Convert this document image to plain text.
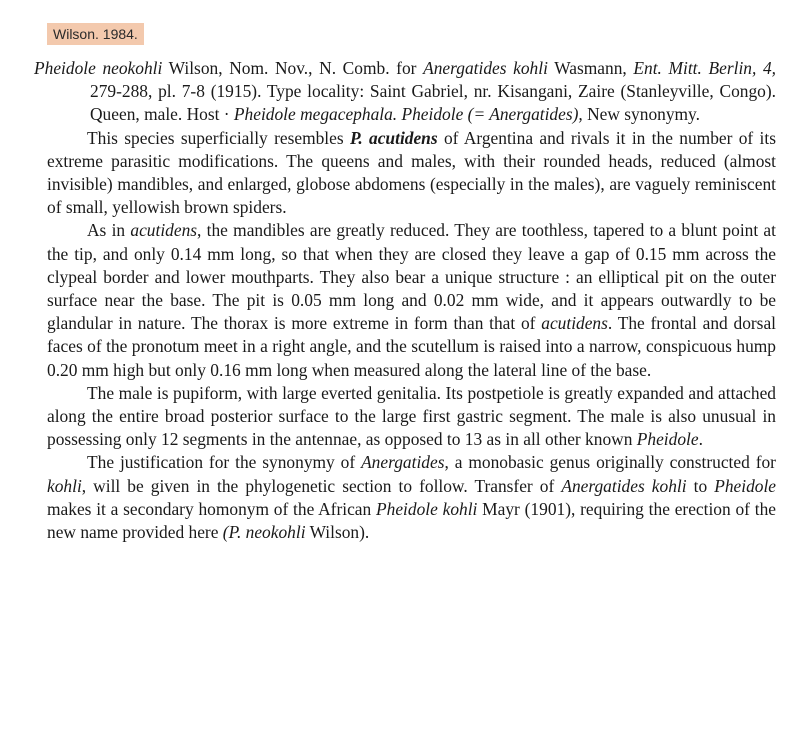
Wilson. 1984.

Pheidole neokohli Wilson, Nom. Nov., N. Comb. for Anergatides kohli Wasmann, Ent. Mitt. Berlin, 4, 279-288, pl. 7-8 (1915). Type locality: Saint Gabriel, nr. Kisangani, Zaire (Stanleyville, Congo). Queen, male. Host · Pheidole megacephala. Pheidole (= Anergatides), New synonymy.

This species superficially resembles P. acutidens of Argentina and rivals it in the number of its extreme parasitic modifications. The queens and males, with their rounded heads, reduced (almost invisible) mandibles, and enlarged, globose abdomens (especially in the males), are vaguely reminiscent of small, yellowish brown spiders.

As in acutidens, the mandibles are greatly reduced. They are toothless, tapered to a blunt point at the tip, and only 0.14 mm long, so that when they are closed they leave a gap of 0.15 mm across the clypeal border and lower mouthparts. They also bear a unique structure : an elliptical pit on the outer surface near the base. The pit is 0.05 mm long and 0.02 mm wide, and it appears outwardly to be glandular in nature. The thorax is more extreme in form than that of acutidens. The frontal and dorsal faces of the pronotum meet in a right angle, and the scutellum is raised into a narrow, conspicuous hump 0.20 mm high but only 0.16 mm long when measured along the lateral line of the base.

The male is pupiform, with large everted genitalia. Its postpetiole is greatly expanded and attached along the entire broad posterior surface to the large first gastric segment. The male is also unusual in possessing only 12 segments in the antennae, as opposed to 13 as in all other known Pheidole.

The justification for the synonymy of Anergatides, a monobasic genus originally constructed for kohli, will be given in the phylogenetic section to follow. Transfer of Anergatides kohli to Pheidole makes it a secondary homonym of the African Pheidole kohli Mayr (1901), requiring the erection of the new name provided here (P. neokohli Wilson).
